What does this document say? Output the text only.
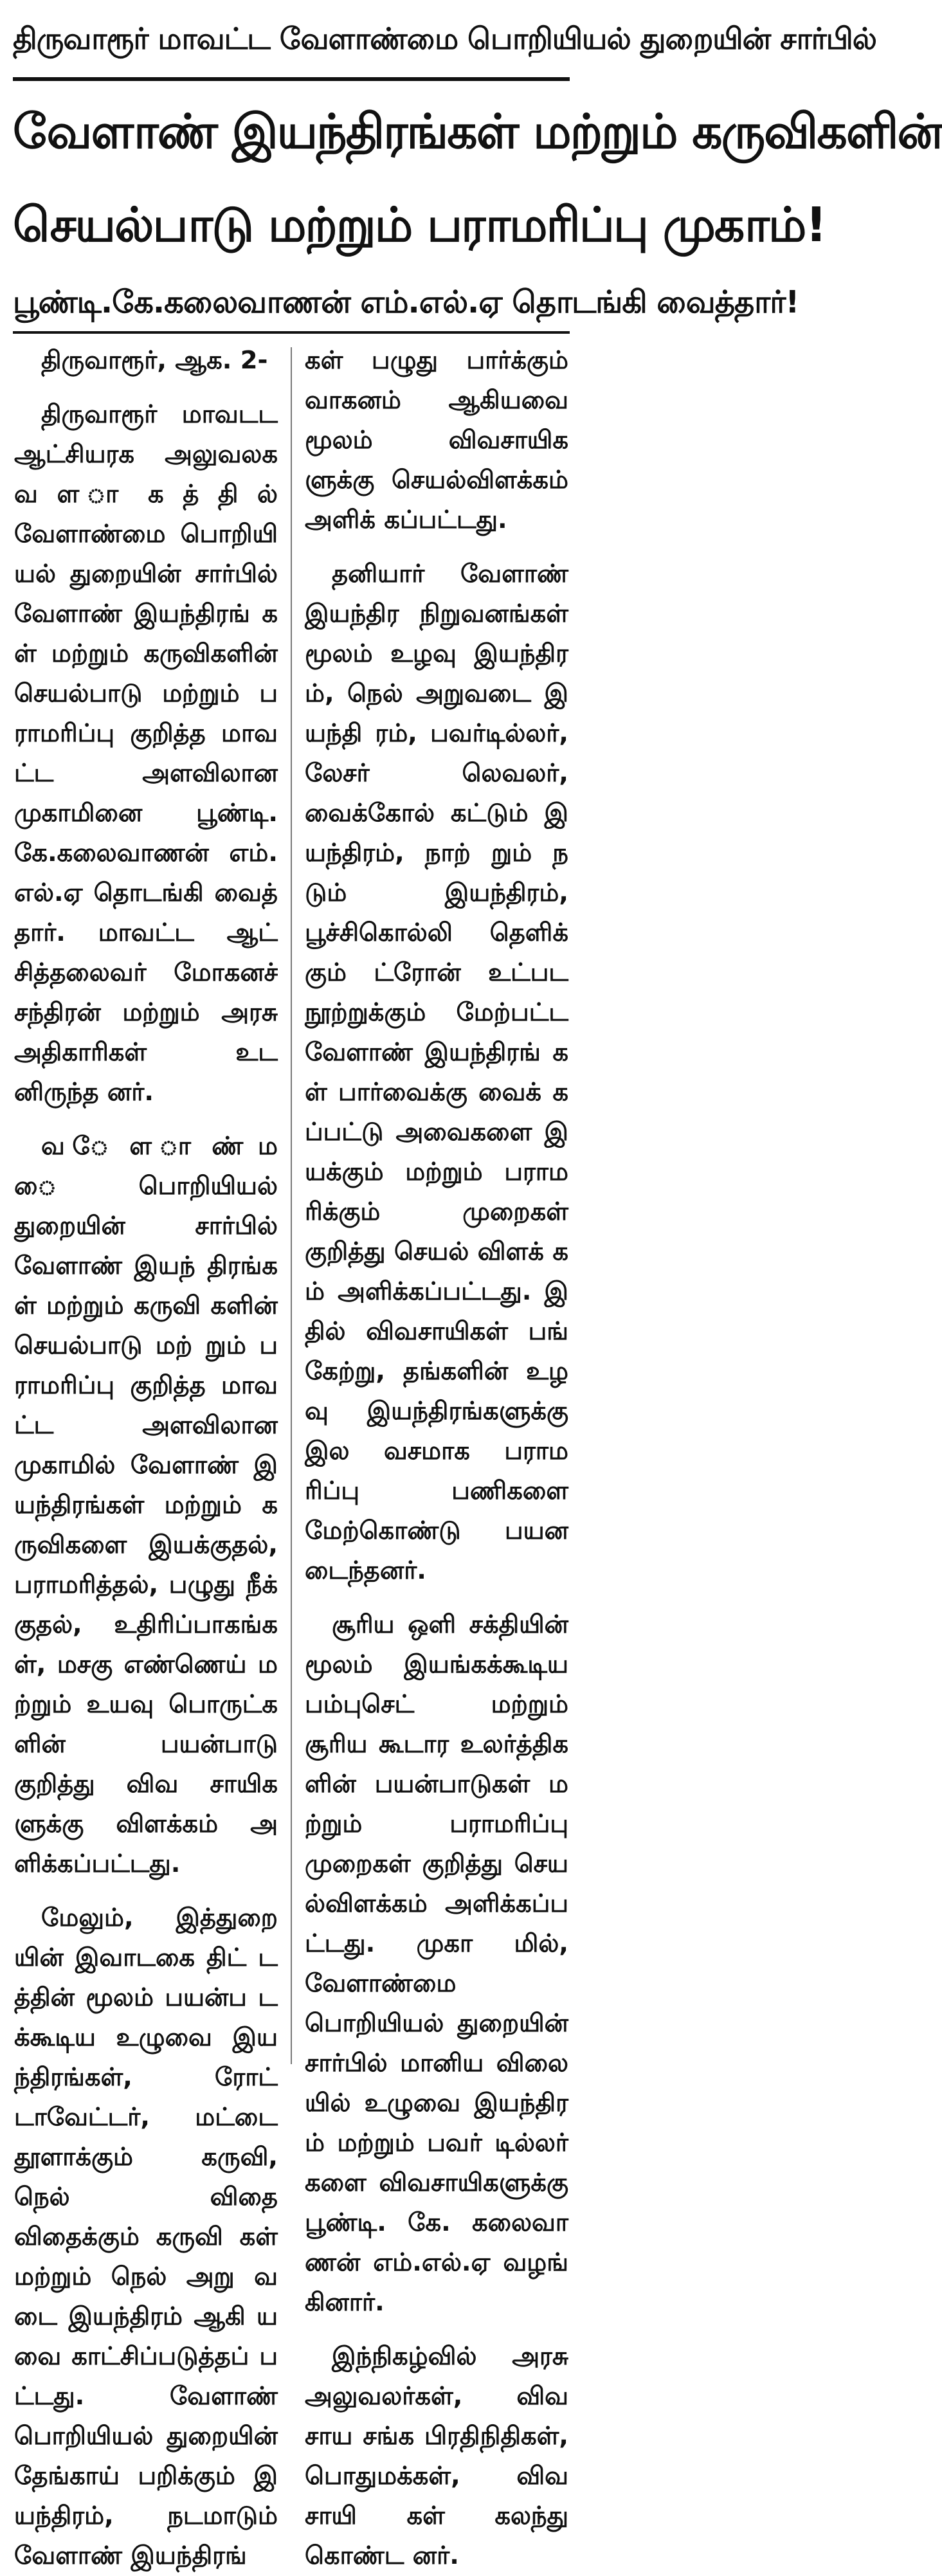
திருவாரூர் மாவட்ட வேளாண்மை பொறியியல் துறையின் சார்பில்
வேளாண் இயந்திரங்கள் மற்றும் கருவிகளின்
செயல்பாடு மற்றும் பராமரிப்பு முகாம்!
பூண்டி.கே.கலைவாணன் எம்.எல்.ஏ தொடங்கி வைத்தார்!

திருவாரூர், ஆக. 2-

திருவாரூர் மாவடட ஆட்சியரக அலுவலக வ ள ா க த் தி ல் வேளாண்மை பொறியி யல் துறையின் சார்பில் வேளாண் இயந்திரங் கள் மற்றும் கருவிகளின் செயல்பாடு மற்றும் பராமரிப்பு குறித்த மாவட்ட அளவிலான முகாமினை பூண்டி. கே.கலைவாணன் எம். எல்.ஏ தொடங்கி வைத் தார். மாவட்ட ஆட் சித்தலைவர் மோகனச் சந்திரன் மற்றும் அரசு அதிகாரிகள் உடனிருந்த னர்.

வ ே ள ா ண் ம ை பொறியியல் துறையின் சார்பில் வேளாண் இயந் திரங்கள் மற்றும் கருவி களின் செயல்பாடு மற் றும் பராமரிப்பு குறித்த மாவட்ட அளவிலான முகாமில் வேளாண் இயந்திரங்கள் மற்றும் கருவிகளை இயக்குதல், பராமரித்தல், பழுது நீக் குதல், உதிரிப்பாகங்கள், மசகு எண்ணெய் மற்றும் உயவு பொருட்களின் பயன்பாடு குறித்து விவ சாயிகளுக்கு விளக்கம் அளிக்கப்பட்டது.

மேலும், இத்துறை யின் இவாடகை திட் டத்தின் மூலம் பயன்ப டக்கூடிய உழுவை இயந்திரங்கள், ரோட் டாவேட்டர், மட்டை தூளாக்கும் கருவி, நெல் விதை விதைக்கும் கருவி கள் மற்றும் நெல் அறு வடை இயந்திரம் ஆகி யவை காட்சிப்படுத்தப் பட்டது. வேளாண் பொறியியல் துறையின் தேங்காய் பறிக்கும் இயந்திரம், நடமாடும் வேளாண் இயந்திரங்

கள் பழுது பார்க்கும் வாகனம் ஆகியவை மூலம் விவசாயிகளுக்கு செயல்விளக்கம் அளிக் கப்பட்டது.

தனியார் வேளாண் இயந்திர நிறுவனங்கள் மூலம் உழவு இயந்திரம், நெல் அறுவடை இயந்தி ரம், பவர்டில்லர், லேசர் லெவலர், வைக்கோல் கட்டும் இயந்திரம், நாற் றும் நடும் இயந்திரம், பூச்சிகொல்லி தெளிக் கும் ட்ரோன் உட்பட நூற்றுக்கும் மேற்பட்ட வேளாண் இயந்திரங் கள் பார்வைக்கு வைக் கப்பட்டு அவைகளை இயக்கும் மற்றும் பராம ரிக்கும் முறைகள் குறித்து செயல் விளக் கம் அளிக்கப்பட்டது. இதில் விவசாயிகள் பங் கேற்று, தங்களின் உழவு இயந்திரங்களுக்கு இல வசமாக பராமரிப்பு பணிகளை மேற்கொண்டு பயனடைந்தனர்.

சூரிய ஒளி சக்தியின் மூலம் இயங்கக்கூடிய பம்புசெட் மற்றும் சூரிய கூடார உலர்த்திகளின் பயன்பாடுகள் மற்றும் பராமரிப்பு முறைகள் குறித்து செயல்விளக்கம் அளிக்கப்பட்டது. முகா மில், வேளாண்மை பொறியியல் துறையின் சார்பில் மானிய விலை யில் உழுவை இயந்திரம் மற்றும் பவர் டில்லர் களை விவசாயிகளுக்கு பூண்டி. கே. கலைவா ணன் எம்.எல்.ஏ வழங் கினார்.

இந்நிகழ்வில் அரசு அலுவலர்கள், விவசாய சங்க பிரதிநிதிகள், பொதுமக்கள், விவசாயி கள் கலந்து கொண்ட னர்.
